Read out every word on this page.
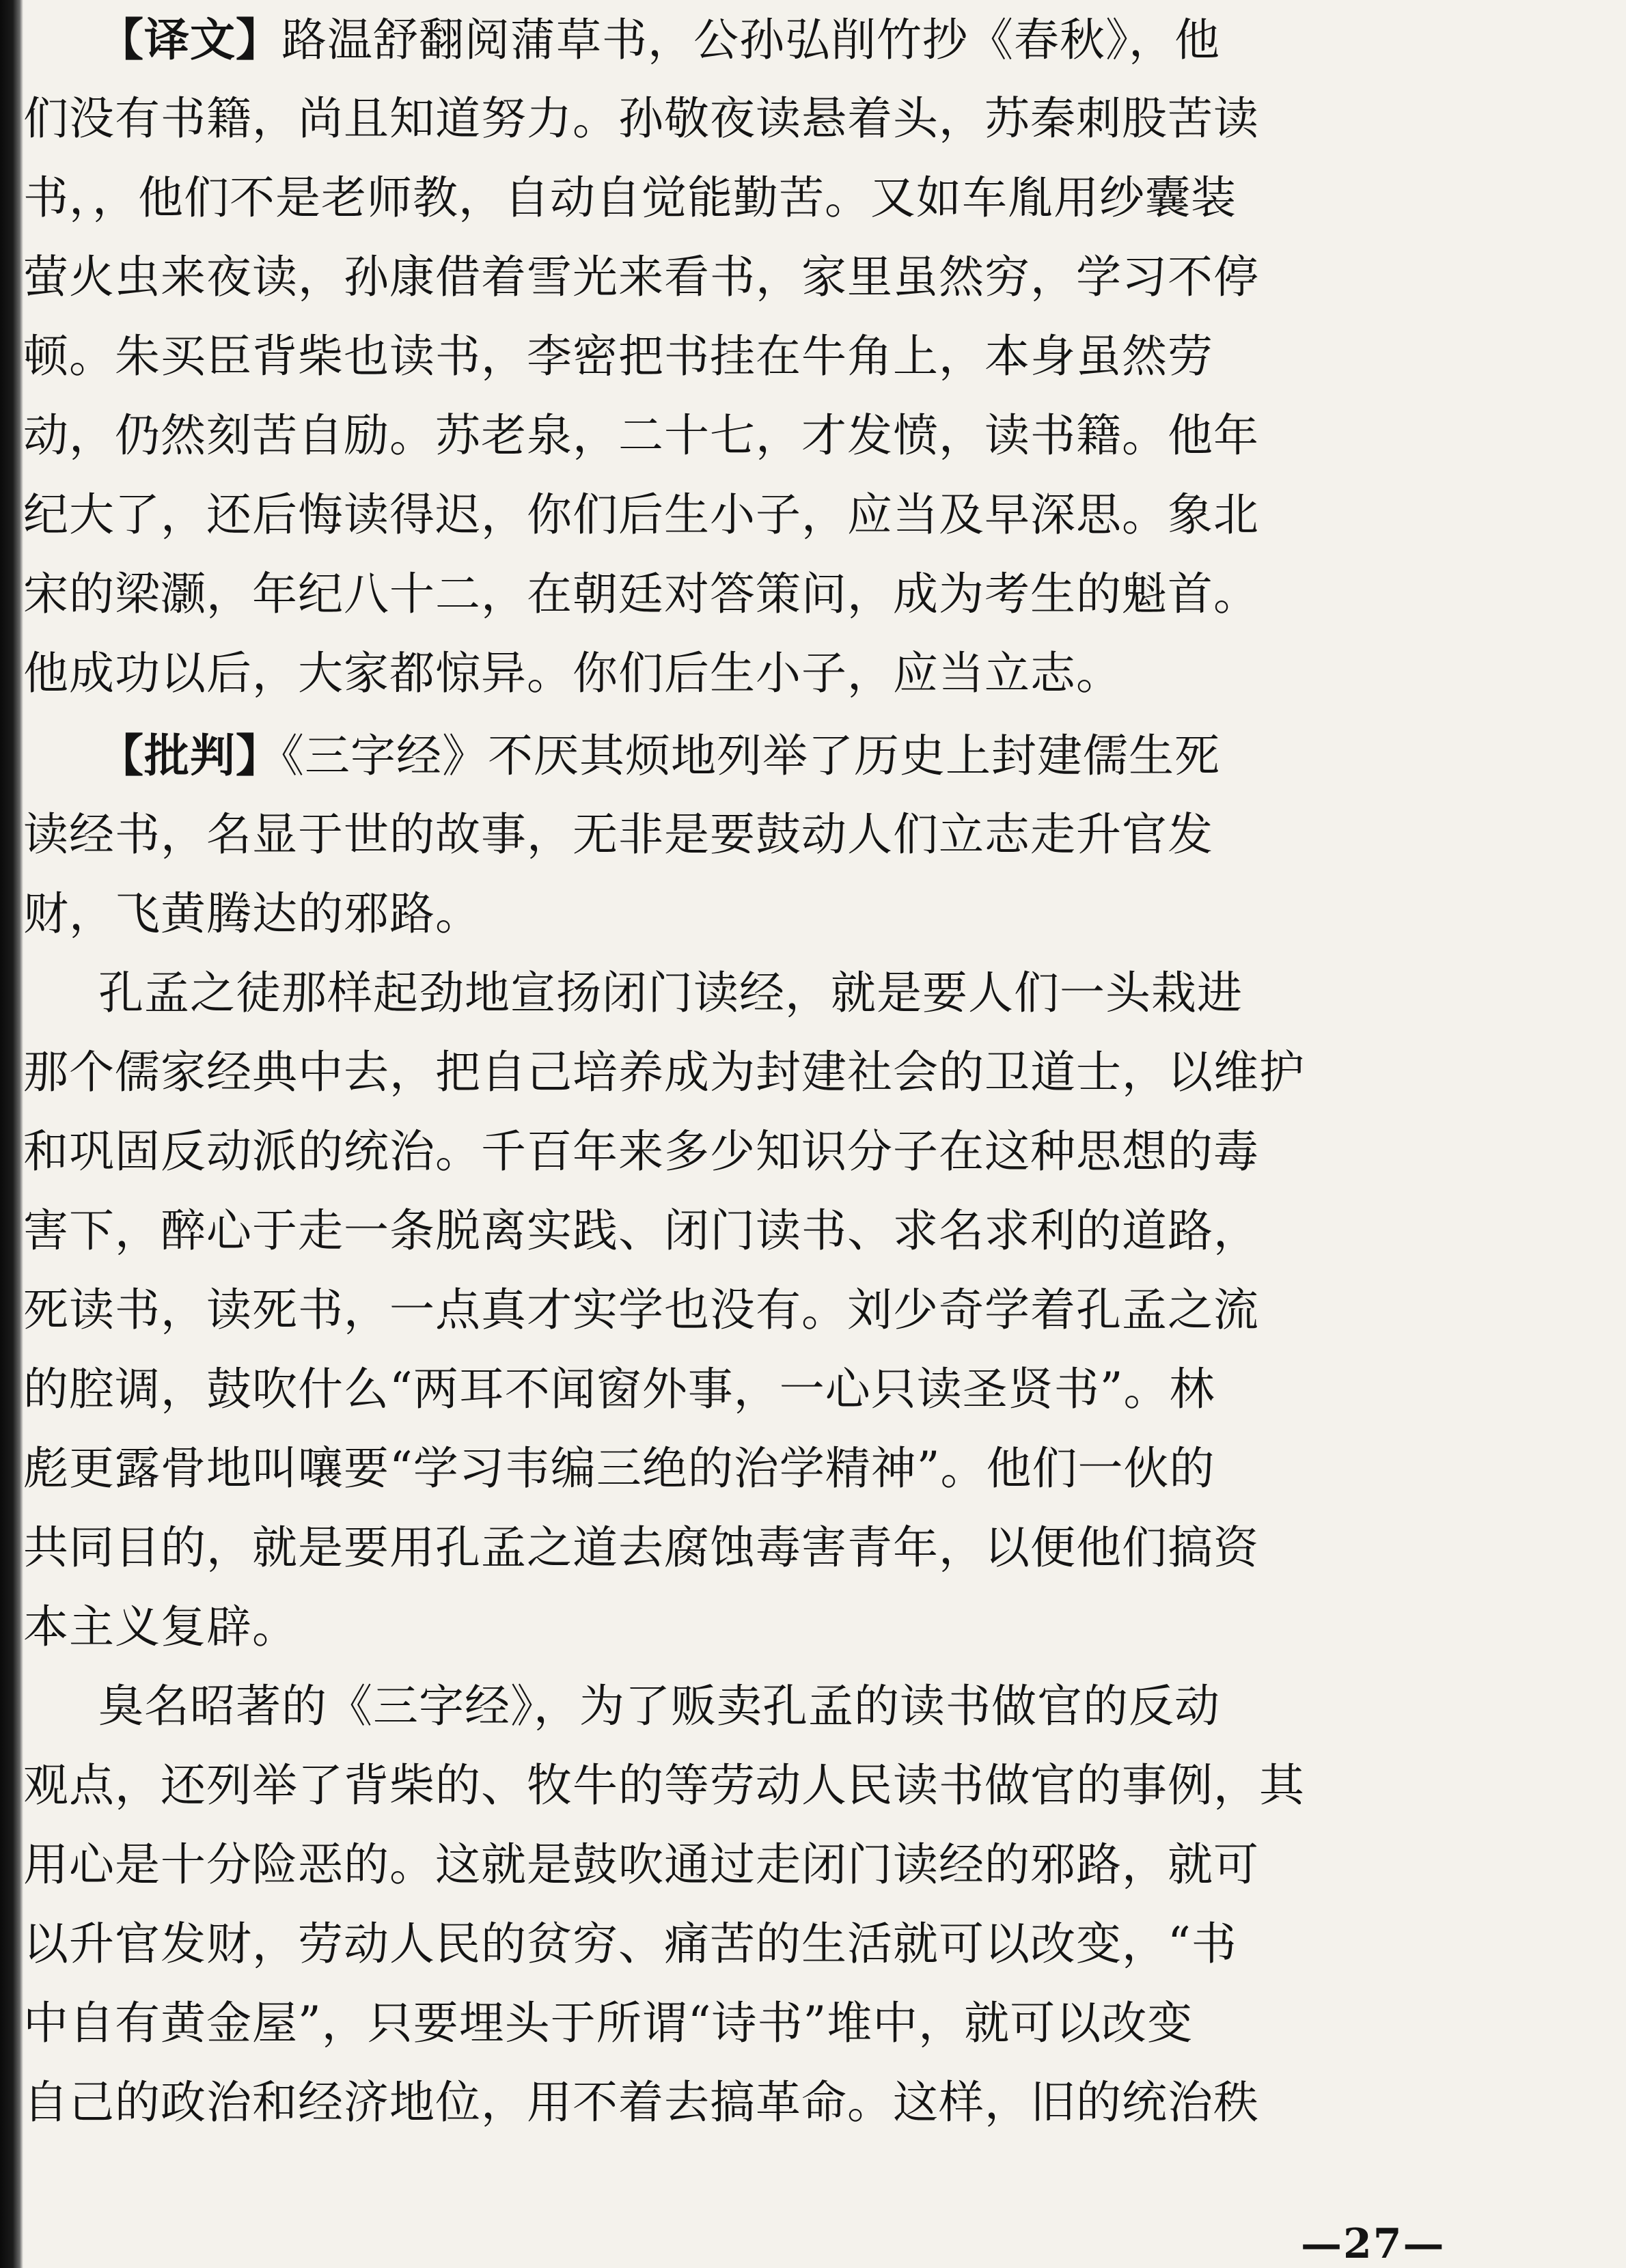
【译文】路温舒翻阅蒲草书，公孙弘削竹抄《春秋》，他
们没有书籍，尚且知道努力。孙敬夜读悬着头，苏秦刺股苦读
书，，他们不是老师教，自动自觉能勤苦。又如车胤用纱囊装
萤火虫来夜读，孙康借着雪光来看书，家里虽然穷，学习不停
顿。朱买臣背柴也读书，李密把书挂在牛角上，本身虽然劳
动，仍然刻苦自励。苏老泉，二十七，才发愤，读书籍。他年
纪大了，还后悔读得迟，你们后生小子，应当及早深思。象北
宋的梁灏，年纪八十二，在朝廷对答策问，成为考生的魁首。
他成功以后，大家都惊异。你们后生小子，应当立志。
【批判】《三字经》不厌其烦地列举了历史上封建儒生死
读经书，名显于世的故事，无非是要鼓动人们立志走升官发
财，飞黄腾达的邪路。
孔孟之徒那样起劲地宣扬闭门读经，就是要人们一头栽进
那个儒家经典中去，把自己培养成为封建社会的卫道士，以维护
和巩固反动派的统治。千百年来多少知识分子在这种思想的毒
害下，醉心于走一条脱离实践、闭门读书、求名求利的道路，
死读书，读死书，一点真才实学也没有。刘少奇学着孔孟之流
的腔调，鼓吹什么“两耳不闻窗外事，一心只读圣贤书”。林
彪更露骨地叫嚷要“学习韦编三绝的治学精神”。他们一伙的
共同目的，就是要用孔孟之道去腐蚀毒害青年，以便他们搞资
本主义复辟。
臭名昭著的《三字经》，为了贩卖孔孟的读书做官的反动
观点，还列举了背柴的、牧牛的等劳动人民读书做官的事例，其
用心是十分险恶的。这就是鼓吹通过走闭门读经的邪路，就可
以升官发财，劳动人民的贫穷、痛苦的生活就可以改变，“书
中自有黄金屋”，只要埋头于所谓“诗书”堆中，就可以改变
自己的政治和经济地位，用不着去搞革命。这样，旧的统治秩
—27—
